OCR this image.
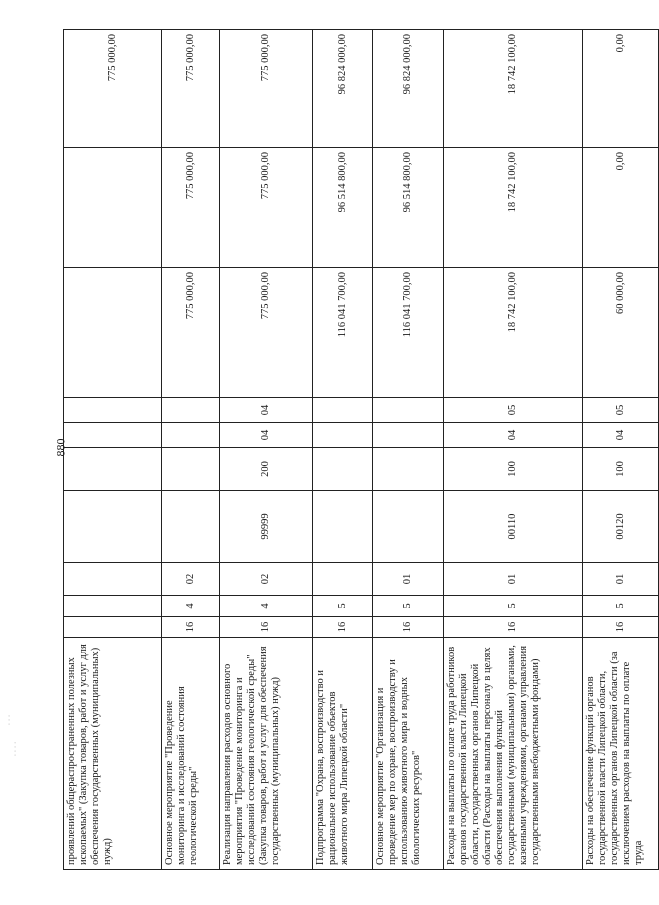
880
· · ·
· · · ·	проявлений общераспространенных полезных ископаемых" (Закупка товаров, работ и услуг для обеспечения государственных (муниципальных) нужд)										775 000,00
Основное мероприятие "Проведение мониторинга и исследований состояния геологической среды"	16	4	02					775 000,00	775 000,00	775 000,00
Реализация направления расходов основного мероприятия "Проведение мониторинга и исследований состояния геологической среды" (Закупка товаров, работ и услуг для обеспечения государственных (муниципальных) нужд)	16	4	02	99999	200	04	04	775 000,00	775 000,00	775 000,00
Подпрограмма "Охрана, воспроизводство и рациональное использование объектов животного мира Липецкой области"	16	5						116 041 700,00	96 514 800,00	96 824 000,00
Основное мероприятие "Организация и проведение мер по охране, воспроизводству и использованию животного мира и водных биологических ресурсов"	16	5	01					116 041 700,00	96 514 800,00	96 824 000,00
Расходы на выплаты по оплате труда работников органов государственной власти Липецкой области, государственных органов Липецкой области (Расходы на выплаты персоналу в целях обеспечения выполнения функций государственными (муниципальными) органами, казенными учреждениями, органами управления государственными внебюджетными фондами)	16	5	01	00110	100	04	05	18 742 100,00	18 742 100,00	18 742 100,00
Расходы на обеспечение функций органов государственной власти Липецкой области, государственных органов Липецкой области (за исключением расходов на выплаты по оплате труда	16	5	01	00120	100	04	05	60 000,00	0,00	0,00
